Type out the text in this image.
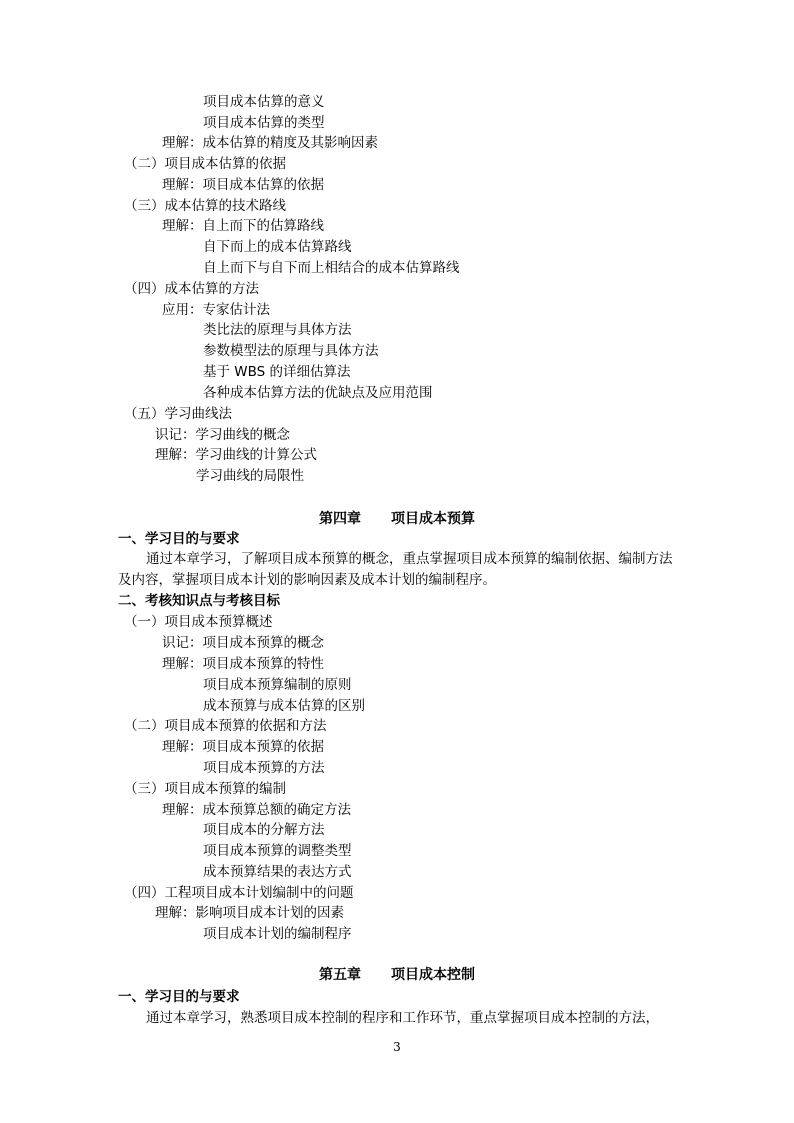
项目成本估算的意义
项目成本估算的类型
理解：成本估算的精度及其影响因素
（二）项目成本估算的依据
理解：项目成本估算的依据
（三）成本估算的技术路线
理解：自上而下的估算路线
自下而上的成本估算路线
自上而下与自下而上相结合的成本估算路线
（四）成本估算的方法
应用：专家估计法
类比法的原理与具体方法
参数模型法的原理与具体方法
基于 WBS 的详细估算法
各种成本估算方法的优缺点及应用范围
（五）学习曲线法
识记：学习曲线的概念
理解：学习曲线的计算公式
学习曲线的局限性
第四章 项目成本预算
一、学习目的与要求
通过本章学习，了解项目成本预算的概念，重点掌握项目成本预算的编制依据、编制方法及内容，掌握项目成本计划的影响因素及成本计划的编制程序。
二、考核知识点与考核目标
（一）项目成本预算概述
识记：项目成本预算的概念
理解：项目成本预算的特性
项目成本预算编制的原则
成本预算与成本估算的区别
（二）项目成本预算的依据和方法
理解：项目成本预算的依据
项目成本预算的方法
（三）项目成本预算的编制
理解：成本预算总额的确定方法
项目成本的分解方法
项目成本预算的调整类型
成本预算结果的表达方式
（四）工程项目成本计划编制中的问题
理解：影响项目成本计划的因素
项目成本计划的编制程序
第五章 项目成本控制
一、学习目的与要求
通过本章学习，熟悉项目成本控制的程序和工作环节，重点掌握项目成本控制的方法，
3
